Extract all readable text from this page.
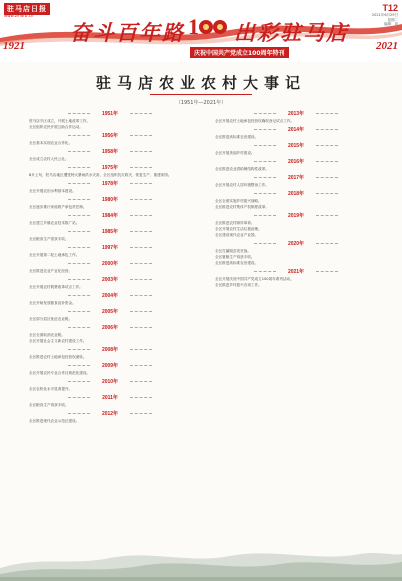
驻马店日报
www.zmdrb.cn
1921	2021
奋斗百年路 1 出彩驻马店
庆祝中国共产党成立100周年特刊
T12
2021年6月29日
星期二
编辑：刘
驻马店农业农村大事记
（1951年—2021年）
1951年
驻马店专区成立，开展土地改革工作。
全区组织农民开展互助合作运动。
1956年
全区基本实现农业合作化。
1958年
全区成立农村人民公社。
1975年
8月上旬，驻马店地区遭受特大暴雨洪水灾害，全区组织抗灾救灾、恢复生产、重建家园。
1978年
全区开展农田水利基本建设。
1980年
全区逐步推行家庭联产承包责任制。
1984年
全区建立乡镇农业技术推广站。
1985年
全区粮食生产喜获丰收。
1997年
全区开展第二轮土地承包工作。
2000年
全区推进农业产业化经营。
2003年
全区开展农村税费改革试点工作。
2004年
全区开始发放粮食直补资金。
2005年
全区部分县区免征农业税。
2006年
全区全面取消农业税。
全区开展社会主义新农村建设工作。
2008年
全区推进农村土地承包经营权流转。
2009年
全区开展农民专业合作社规范化建设。
2010年
全区农机化水平显著提升。
2011年
全区粮食生产再获丰收。
2012年
全区推进现代农业示范区建设。
2013年
全区开展农村土地承包经营权确权登记试点工作。
2014年
全区推进高标准农田建设。
2015年
全区开展美丽乡村建设。
2016年
全区推进农业供给侧结构性改革。
2017年
全区开展农村人居环境整治工作。
2018年
全区全面实施乡村振兴战略。
全区推进农村集体产权制度改革。
2019年
全区推进农村厕所革命。
全区开展农村生活垃圾治理。
全区建设现代农业产业园。
2020年
全区打赢脱贫攻坚战。
全区夏粮生产再获丰收。
全区推进高标准农田建设。
2021年
全区开展庆祝中国共产党成立100周年系列活动。
全区推进乡村振兴各项工作。
